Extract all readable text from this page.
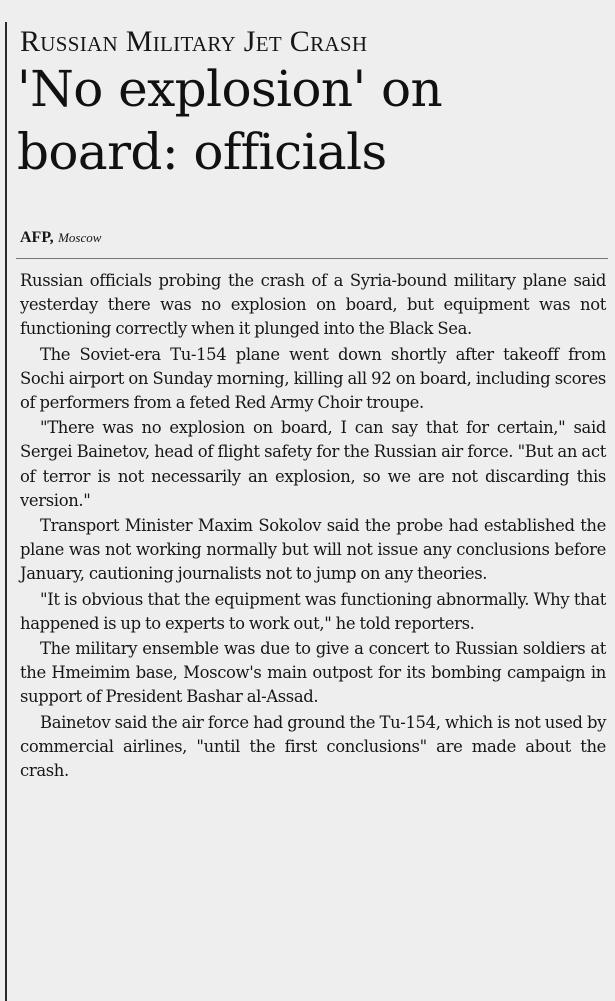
Russian Military Jet Crash
'No explosion' on board: officials
AFP, Moscow

Russian officials probing the crash of a Syria-bound military plane said yesterday there was no explosion on board, but equipment was not functioning correctly when it plunged into the Black Sea.

The Soviet-era Tu-154 plane went down shortly after takeoff from Sochi airport on Sunday morning, killing all 92 on board, including scores of performers from a feted Red Army Choir troupe.

"There was no explosion on board, I can say that for certain," said Sergei Bainetov, head of flight safety for the Russian air force. "But an act of terror is not necessarily an explosion, so we are not discarding this version."

Transport Minister Maxim Sokolov said the probe had established the plane was not working normally but will not issue any conclusions before January, cautioning journalists not to jump on any theories.

"It is obvious that the equipment was functioning abnormally. Why that happened is up to experts to work out," he told reporters.

The military ensemble was due to give a concert to Russian soldiers at the Hmeimim base, Moscow's main outpost for its bombing campaign in support of President Bashar al-Assad.

Bainetov said the air force had ground the Tu-154, which is not used by commercial airlines, "until the first conclusions" are made about the crash.
